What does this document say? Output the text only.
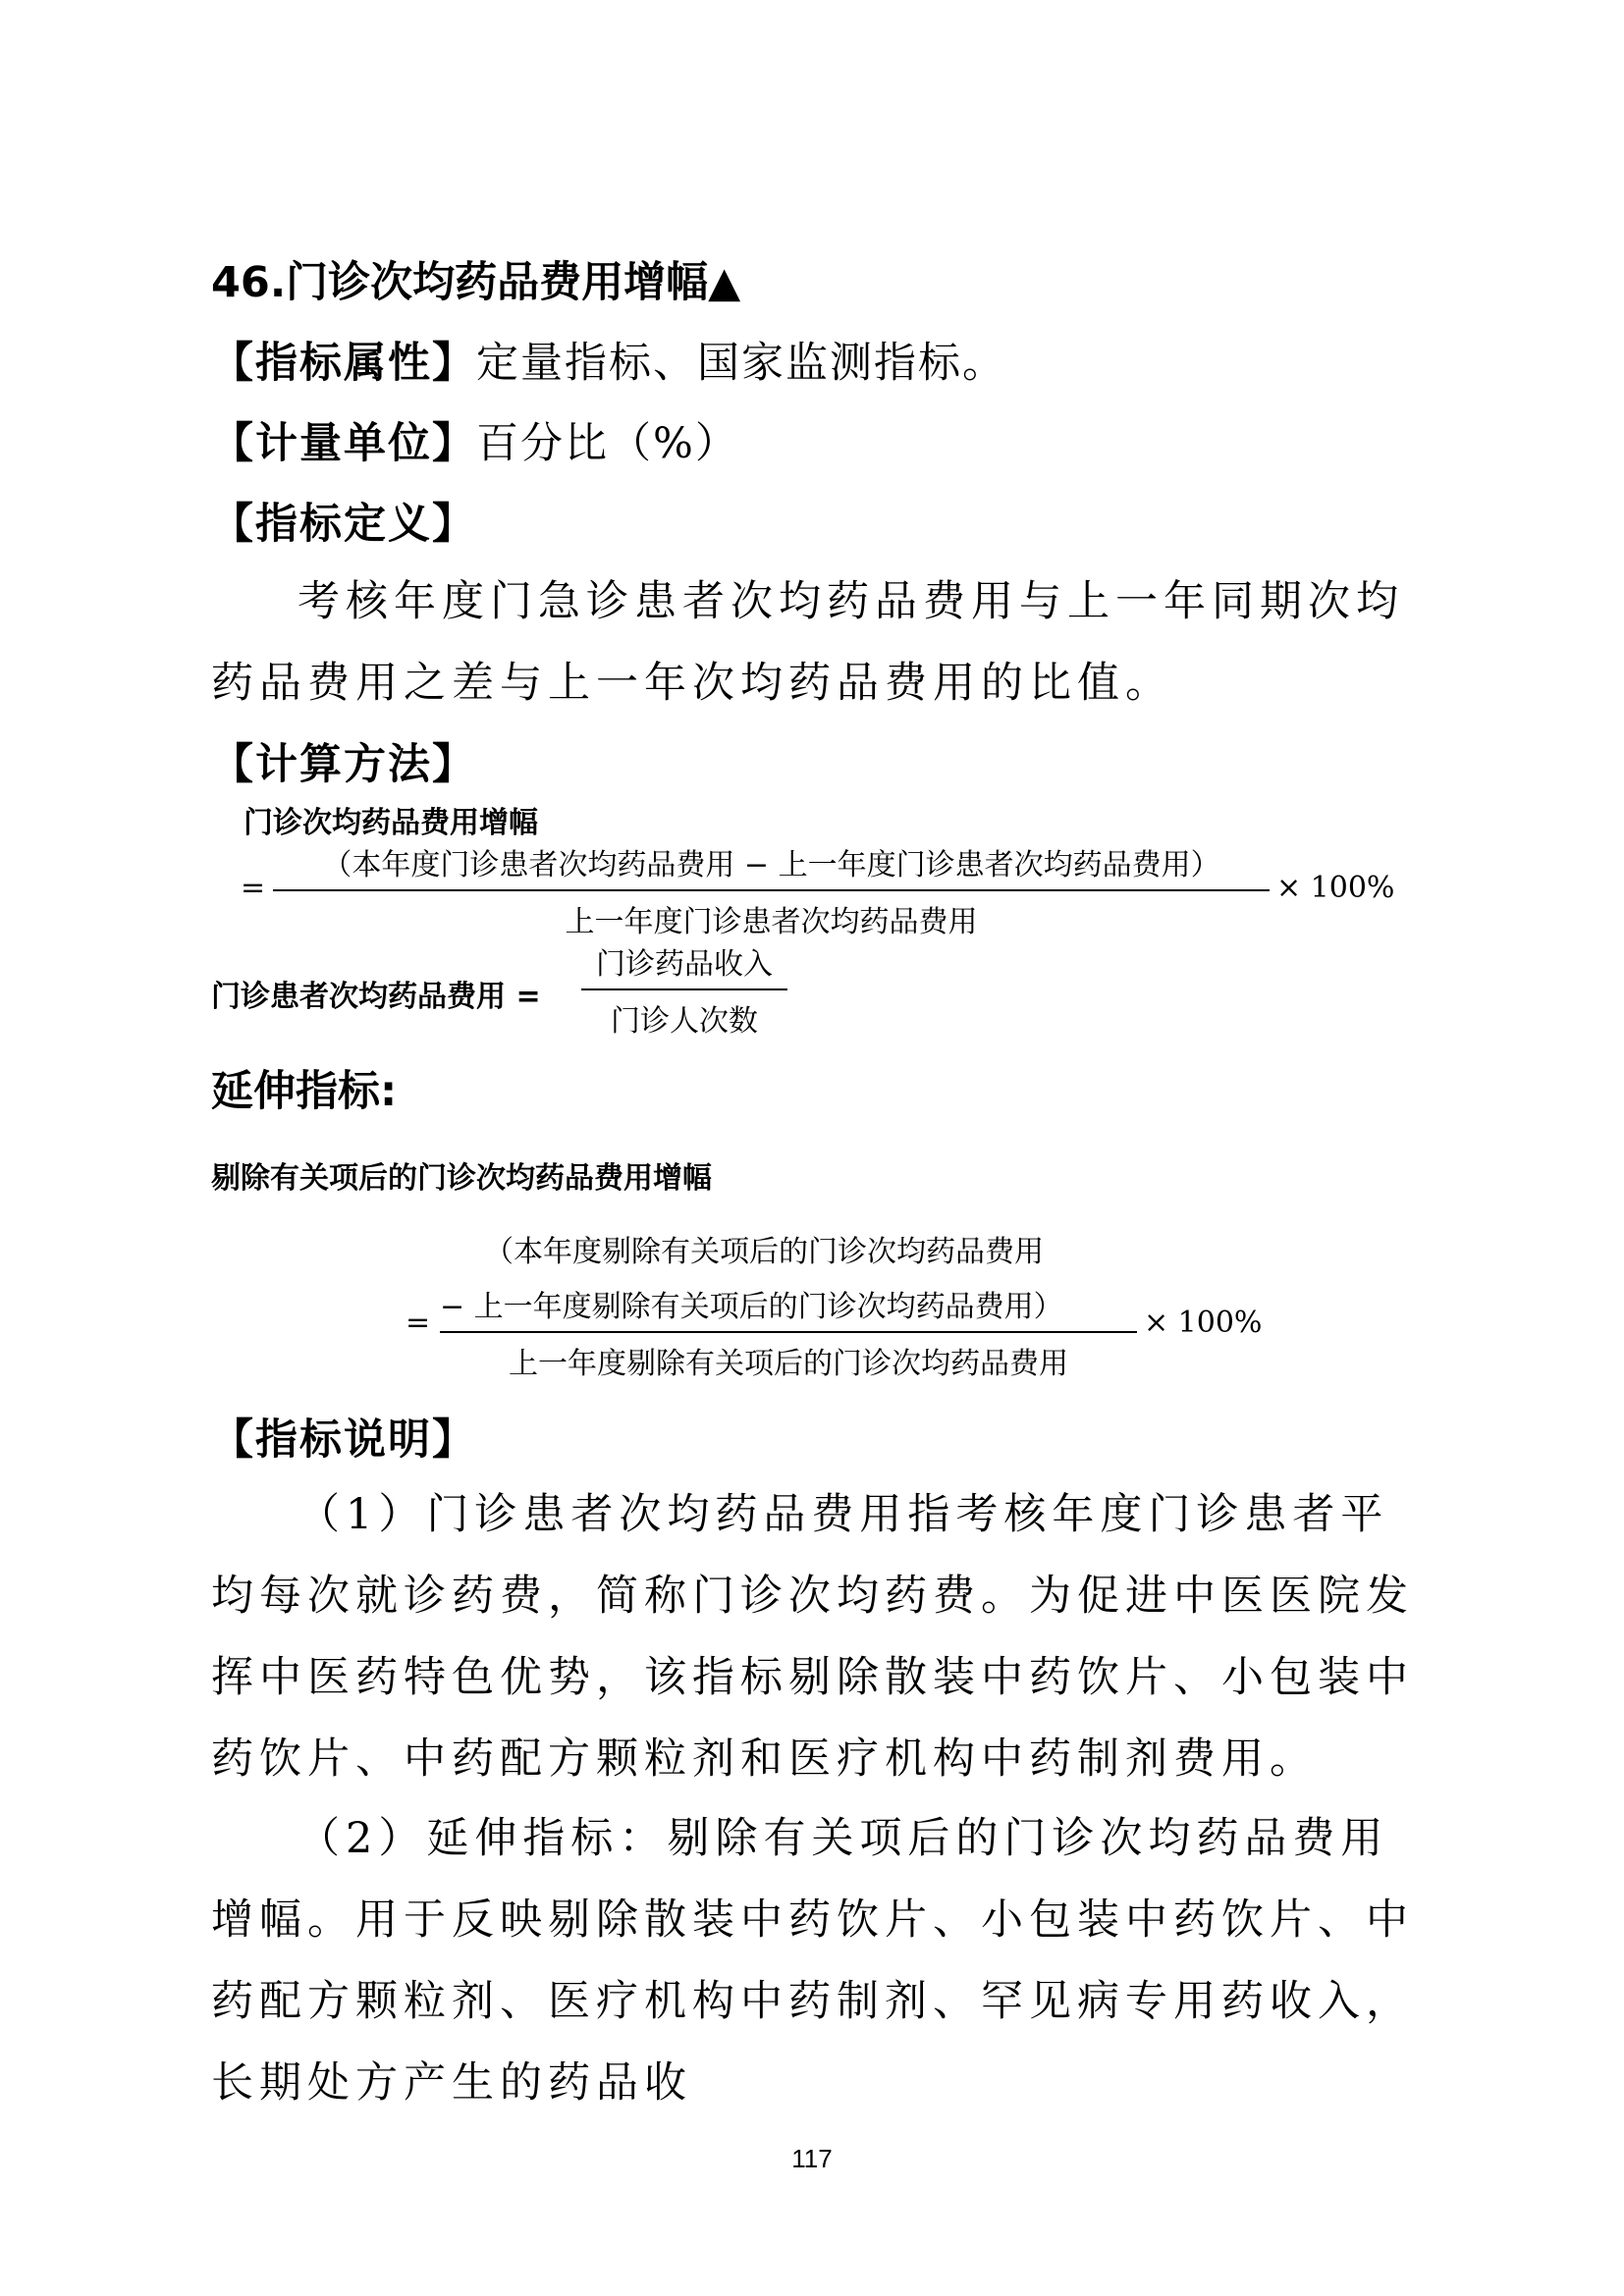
46.门诊次均药品费用增幅▲
【指标属性】定量指标、国家监测指标。
【计量单位】百分比（%）
【指标定义】
考核年度门急诊患者次均药品费用与上一年同期次均药品费用之差与上一年次均药品费用的比值。
【计算方法】
门诊次均药品费用增幅
=
（本年度门诊患者次均药品费用 − 上一年度门诊患者次均药品费用）
上一年度门诊患者次均药品费用
× 100%
门诊患者次均药品费用 =
门诊药品收入
门诊人次数
延伸指标:
剔除有关项后的门诊次均药品费用增幅
=
（本年度剔除有关项后的门诊次均药品费用
− 上一年度剔除有关项后的门诊次均药品费用）
上一年度剔除有关项后的门诊次均药品费用
× 100%
【指标说明】
（1）门诊患者次均药品费用指考核年度门诊患者平均每次就诊药费，简称门诊次均药费。为促进中医医院发挥中医药特色优势，该指标剔除散装中药饮片、小包装中药饮片、中药配方颗粒剂和医疗机构中药制剂费用。
（2）延伸指标：剔除有关项后的门诊次均药品费用增幅。用于反映剔除散装中药饮片、小包装中药饮片、中药配方颗粒剂、医疗机构中药制剂、罕见病专用药收入，长期处方产生的药品收
117
